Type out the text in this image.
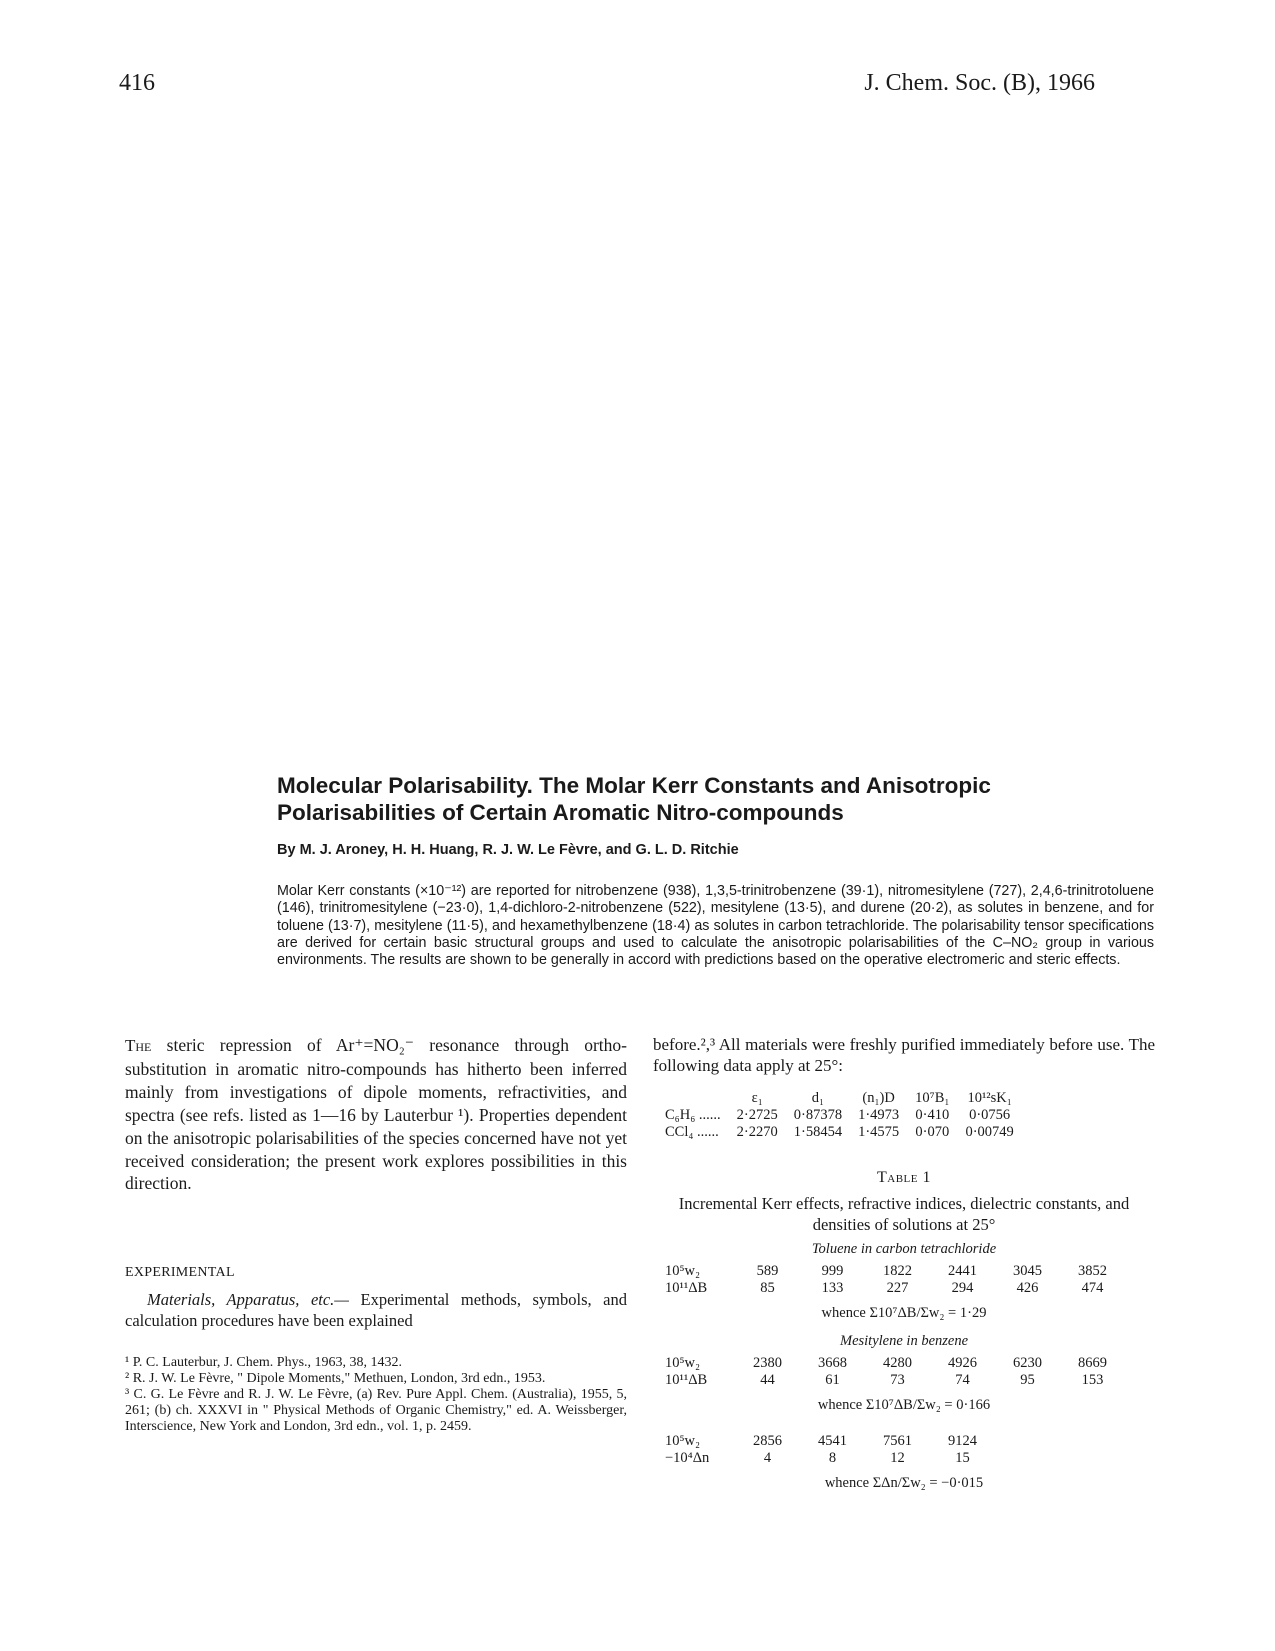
416	J. Chem. Soc. (B), 1966
Molecular Polarisability. The Molar Kerr Constants and Anisotropic Polarisabilities of Certain Aromatic Nitro-compounds
By M. J. Aroney, H. H. Huang, R. J. W. Le Fèvre, and G. L. D. Ritchie
Molar Kerr constants (×10⁻¹²) are reported for nitrobenzene (938), 1,3,5-trinitrobenzene (39·1), nitromesitylene (727), 2,4,6-trinitrotoluene (146), trinitromesitylene (−23·0), 1,4-dichloro-2-nitrobenzene (522), mesitylene (13·5), and durene (20·2), as solutes in benzene, and for toluene (13·7), mesitylene (11·5), and hexamethylbenzene (18·4) as solutes in carbon tetrachloride. The polarisability tensor specifications are derived for certain basic structural groups and used to calculate the anisotropic polarisabilities of the C–NO₂ group in various environments. The results are shown to be generally in accord with predictions based on the operative electromeric and steric effects.

The steric repression of Ar⁺=NO₂⁻ resonance through ortho-substitution in aromatic nitro-compounds has hitherto been inferred mainly from investigations of dipole moments, refractivities, and spectra (see refs. listed as 1—16 by Lauterbur ¹). Properties dependent on the anisotropic polarisabilities of the species concerned have not yet received consideration; the present work explores possibilities in this direction.

EXPERIMENTAL
Materials, Apparatus, etc.— Experimental methods, symbols, and calculation procedures have been explained
¹ P. C. Lauterbur, J. Chem. Phys., 1963, 38, 1432.
² R. J. W. Le Fèvre, " Dipole Moments," Methuen, London, 3rd edn., 1953.
³ C. G. Le Fèvre and R. J. W. Le Fèvre, (a) Rev. Pure Appl. Chem. (Australia), 1955, 5, 261; (b) ch. XXXVI in " Physical Methods of Organic Chemistry," ed. A. Weissberger, Interscience, New York and London, 3rd edn., vol. 1, p. 2459.
before.²,³ All materials were freshly purified immediately before use. The following data apply at 25°:
	ε₁	d₁	(n₁)D	10⁷B₁	10¹²sK₁
C₆H₆ ......	2·2725	0·87378	1·4973	0·410	0·0756
CCl₄ ......	2·2270	1·58454	1·4575	0·070	0·00749
Table 1
Incremental Kerr effects, refractive indices, dielectric constants, and densities of solutions at 25°
Toluene in carbon tetrachloride
10⁵w₂	589	999	1822	2441	3045	3852
10¹¹ΔB	85	133	227	294	426	474
whence Σ10⁷ΔB/Σw₂ = 1·29
Mesitylene in benzene
10⁵w₂	2380	3668	4280	4926	6230	8669
10¹¹ΔB	44	61	73	74	95	153
whence Σ10⁷ΔB/Σw₂ = 0·166
10⁵w₂	2856	4541	7561	9124
−10⁴Δn	4	8	12	15
whence ΣΔn/Σw₂ = −0·015
